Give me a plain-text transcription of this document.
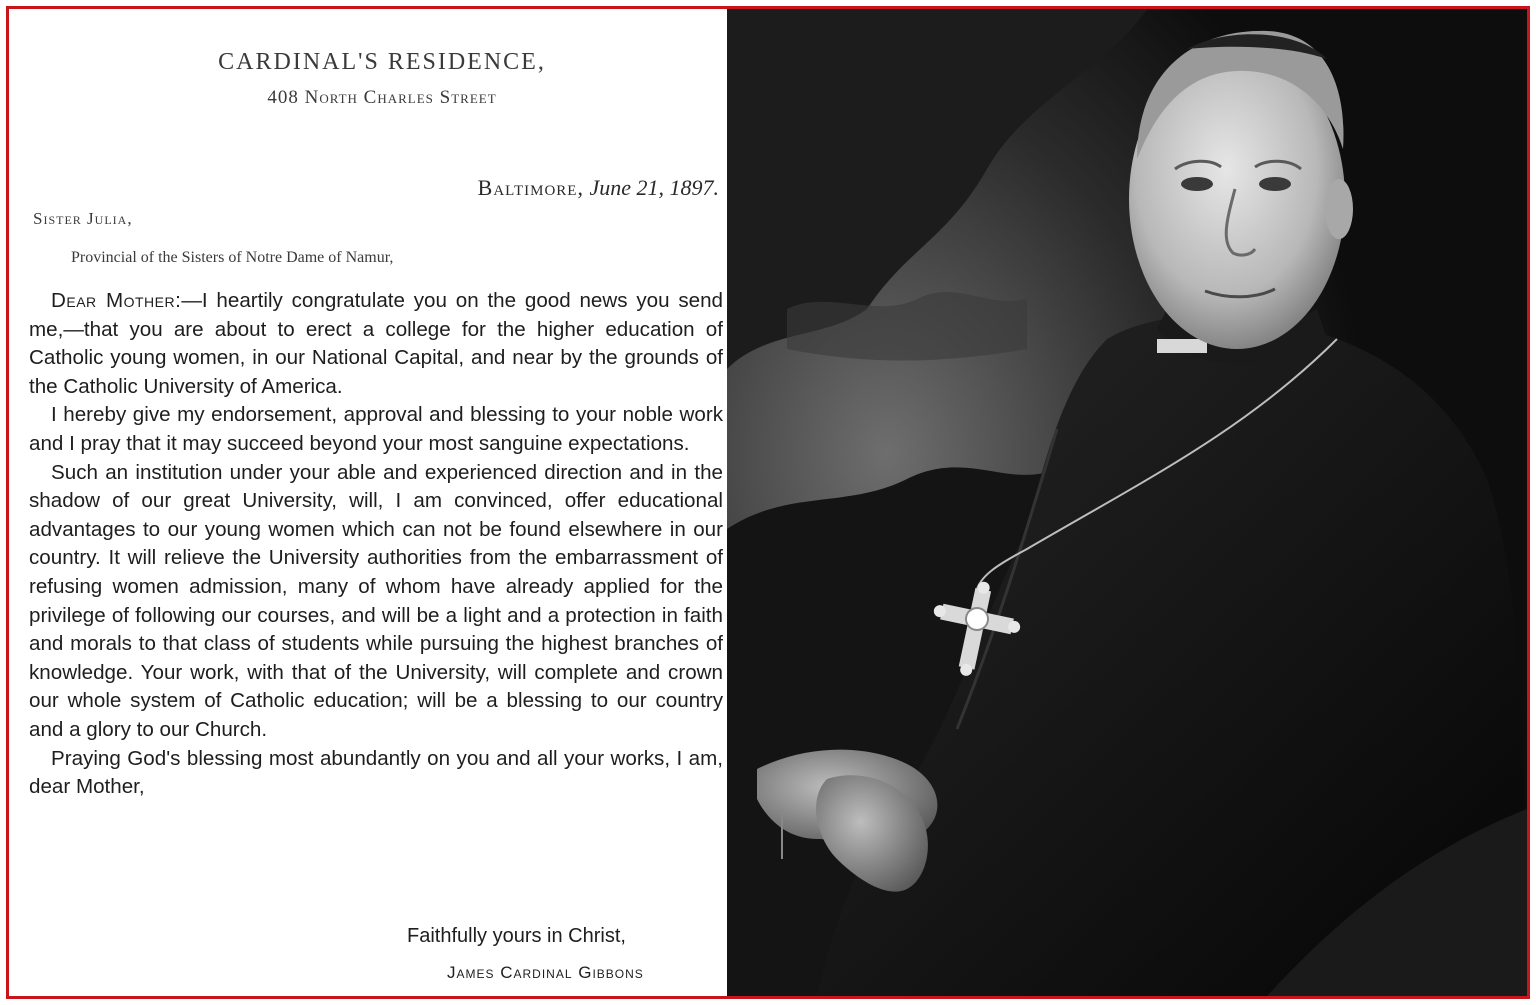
CARDINAL'S RESIDENCE,
408 North Charles Street
Baltimore, June 21, 1897.
Sister Julia,
Provincial of the Sisters of Notre Dame of Namur,

Dear Mother:—I heartily congratulate you on the good news you send me,—that you are about to erect a college for the higher education of Catholic young women, in our National Capital, and near by the grounds of the Catholic University of America.

I hereby give my endorsement, approval and blessing to your noble work and I pray that it may succeed beyond your most sanguine expectations.

Such an institution under your able and experienced direction and in the shadow of our great University, will, I am convinced, offer educational advantages to our young women which can not be found elsewhere in our country. It will relieve the University authorities from the embarrassment of refusing women admission, many of whom have already applied for the privilege of following our courses, and will be a light and a protection in faith and morals to that class of students while pursuing the highest branches of knowledge. Your work, with that of the University, will complete and crown our whole system of Catholic education; will be a blessing to our country and a glory to our Church.

Praying God's blessing most abundantly on you and all your works, I am, dear Mother,

Faithfully yours in Christ,
James Cardinal Gibbons
